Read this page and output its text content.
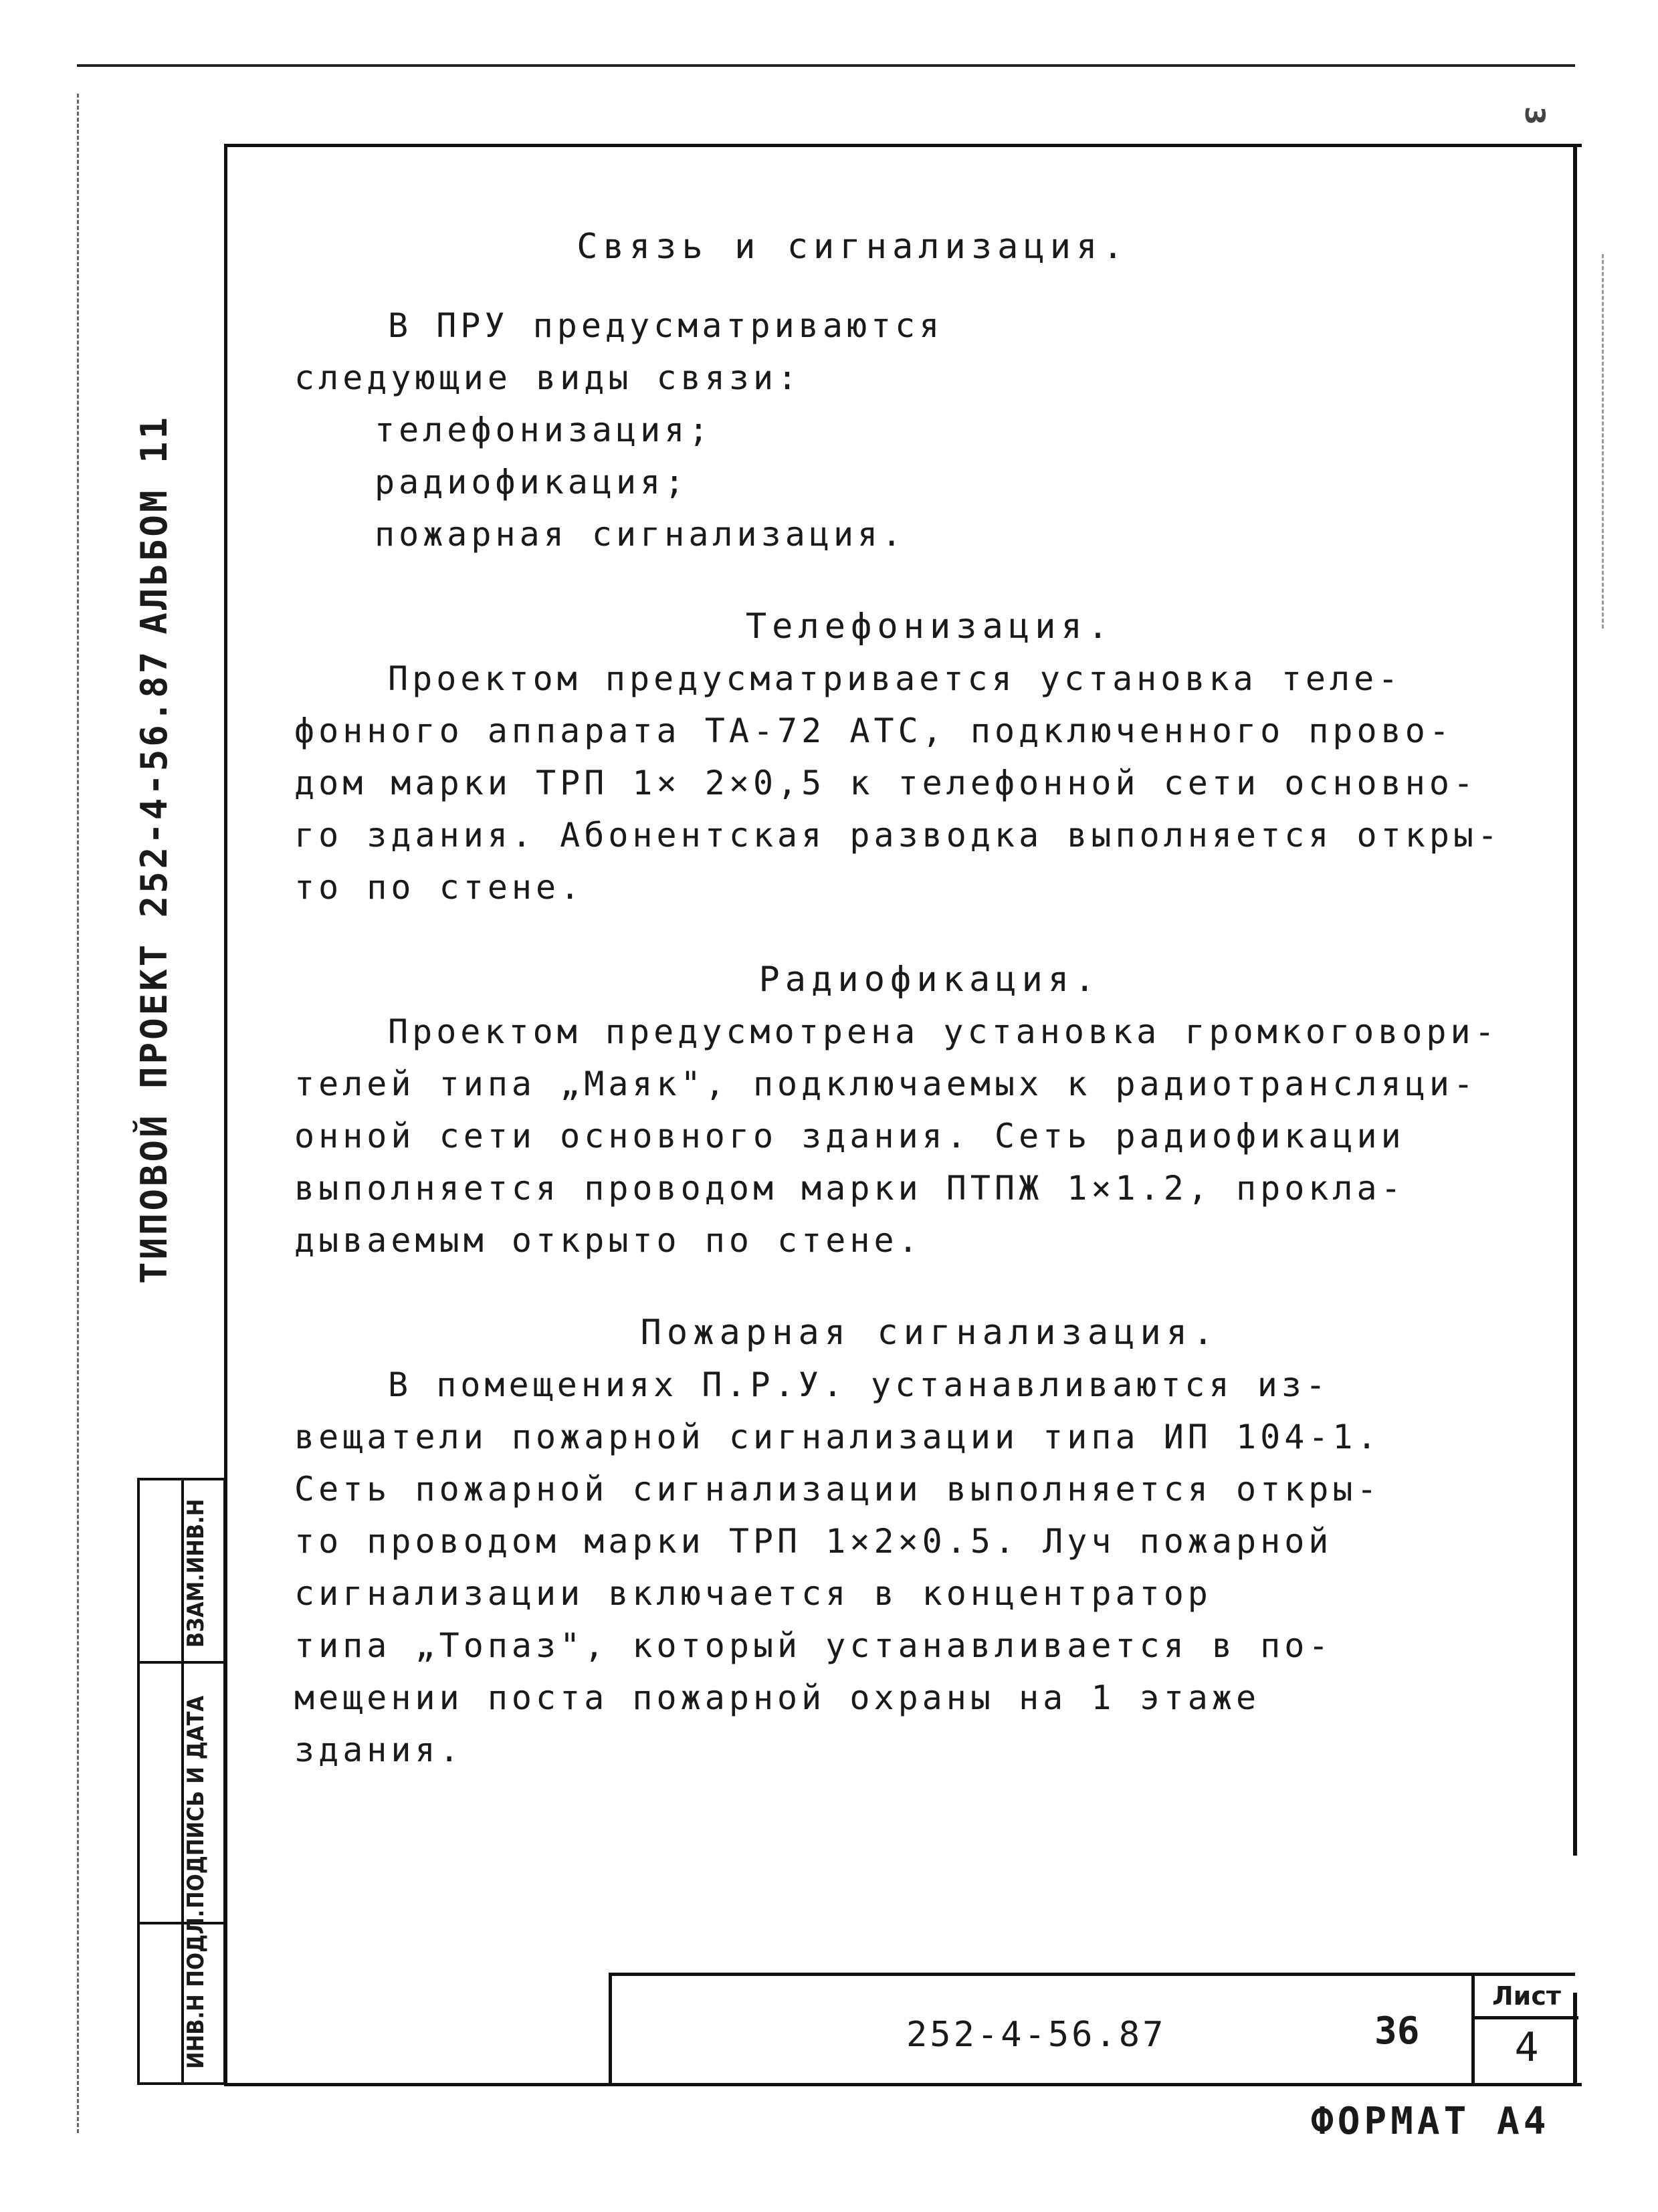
3
ТИПОВОЙ ПРОЕКТ 252-4-56.87
АЛЬБОМ 11
ВЗАМ.ИНВ.Н
ПОДПИСЬ И ДАТА
ИНВ.Н ПОДЛ.

Связь и сигнализация.

В ПРУ предусматриваются

следующие виды связи:

телефонизация;

радиофикация;

пожарная сигнализация.

Телефонизация.

Проектом предусматривается установка теле-

фонного аппарата ТА-72 АТС, подключенного прово-

дом марки ТРП 1× 2×0,5 к телефонной сети основно-

го здания. Абонентская разводка выполняется откры-

то по стене.

Радиофикация.

Проектом предусмотрена установка громкоговори-

телей типа „Маяк", подключаемых к радиотрансляци-

онной сети основного здания. Сеть радиофикации

выполняется проводом марки ПТПЖ 1×1.2, прокла-

дываемым открыто по стене.

Пожарная сигнализация.

В помещениях П.Р.У. устанавливаются из-

вещатели пожарной сигнализации типа ИП 104-1.

Сеть пожарной сигнализации выполняется откры-

то проводом марки ТРП 1×2×0.5. Луч пожарной

сигнализации включается в концентратор

типа „Топаз", который устанавливается в по-

мещении поста пожарной охраны на 1 этаже

здания.

252-4-56.87	36
Лист
4
ФОРМАТ А4
